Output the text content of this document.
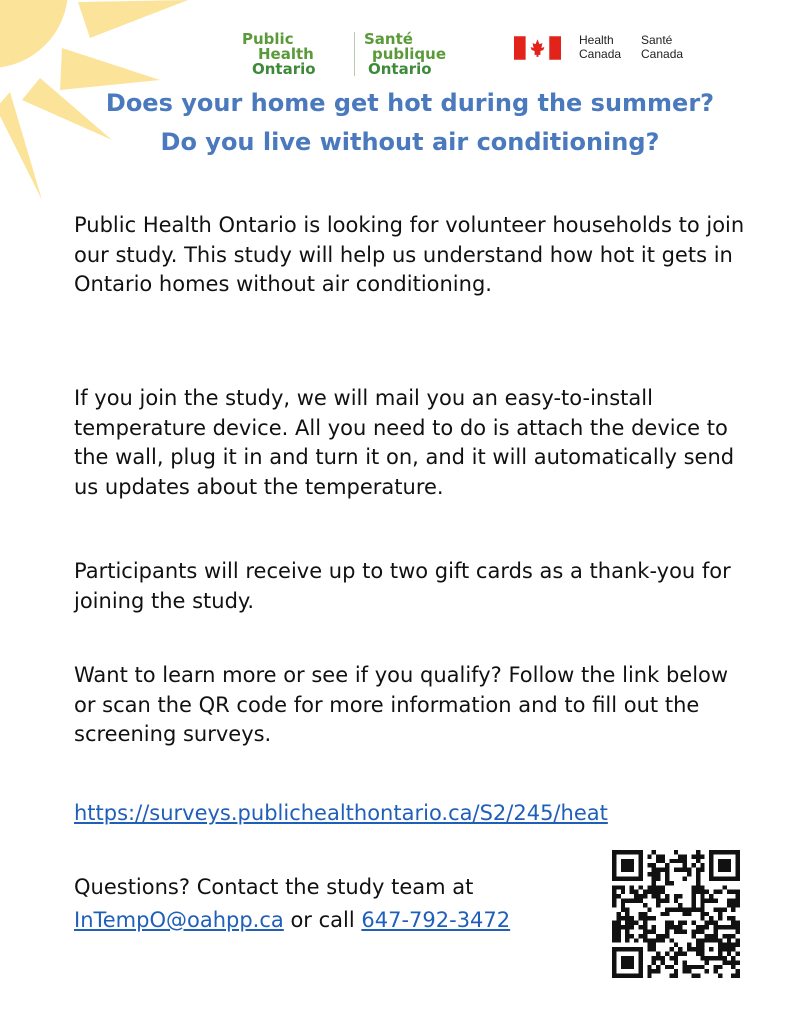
Public
Health
Ontario
Santé
publique
Ontario
Health
Canada
Santé
Canada
Does your home get hot during the summer?
Do you live without air conditioning?

Public Health Ontario is looking for volunteer households to join our study. This study will help us understand how hot it gets in Ontario homes without air conditioning.

If you join the study, we will mail you an easy-to-install temperature device. All you need to do is attach the device to the wall, plug it in and turn it on, and it will automatically send us updates about the temperature.

Participants will receive up to two gift cards as a thank-you for joining the study.

Want to learn more or see if you qualify? Follow the link below or scan the QR code for more information and to fill out the screening surveys.

https://surveys.publichealthontario.ca/S2/245/heat
Questions? Contact the study team at
InTempO@oahpp.ca or call 647-792-3472
